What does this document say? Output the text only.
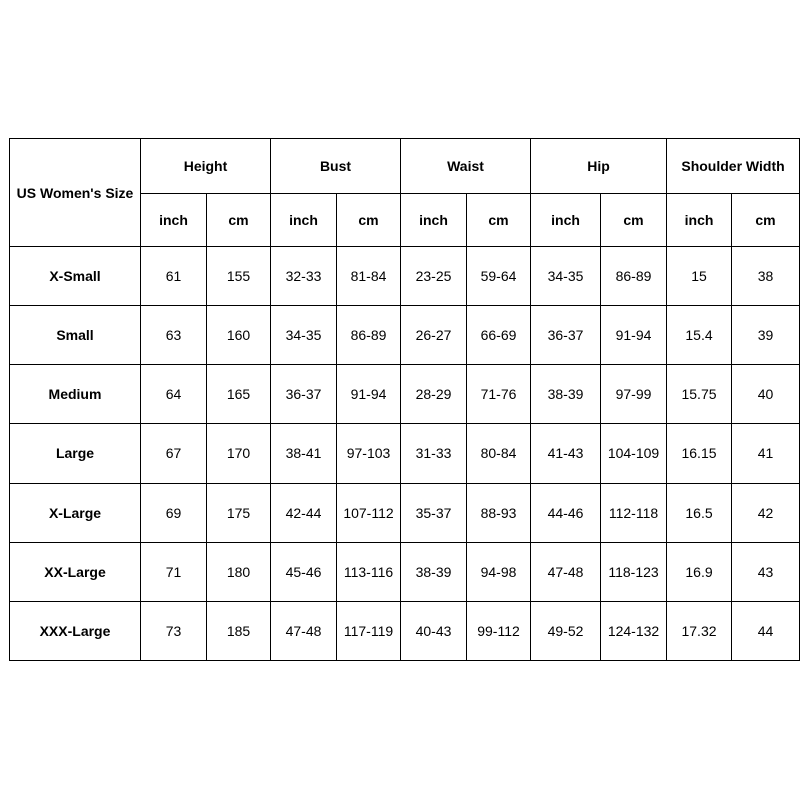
US Women's Size	Height		Bust		Waist		Hip		Shoulder Width	
	inch	cm	inch	cm	inch	cm	inch	cm	inch	cm
X-Small	61	155	32-33	81-84	23-25	59-64	34-35	86-89	15	38
Small	63	160	34-35	86-89	26-27	66-69	36-37	91-94	15.4	39
Medium	64	165	36-37	91-94	28-29	71-76	38-39	97-99	15.75	40
Large	67	170	38-41	97-103	31-33	80-84	41-43	104-109	16.15	41
X-Large	69	175	42-44	107-112	35-37	88-93	44-46	112-118	16.5	42
XX-Large	71	180	45-46	113-116	38-39	94-98	47-48	118-123	16.9	43
XXX-Large	73	185	47-48	117-119	40-43	99-112	49-52	124-132	17.32	44
